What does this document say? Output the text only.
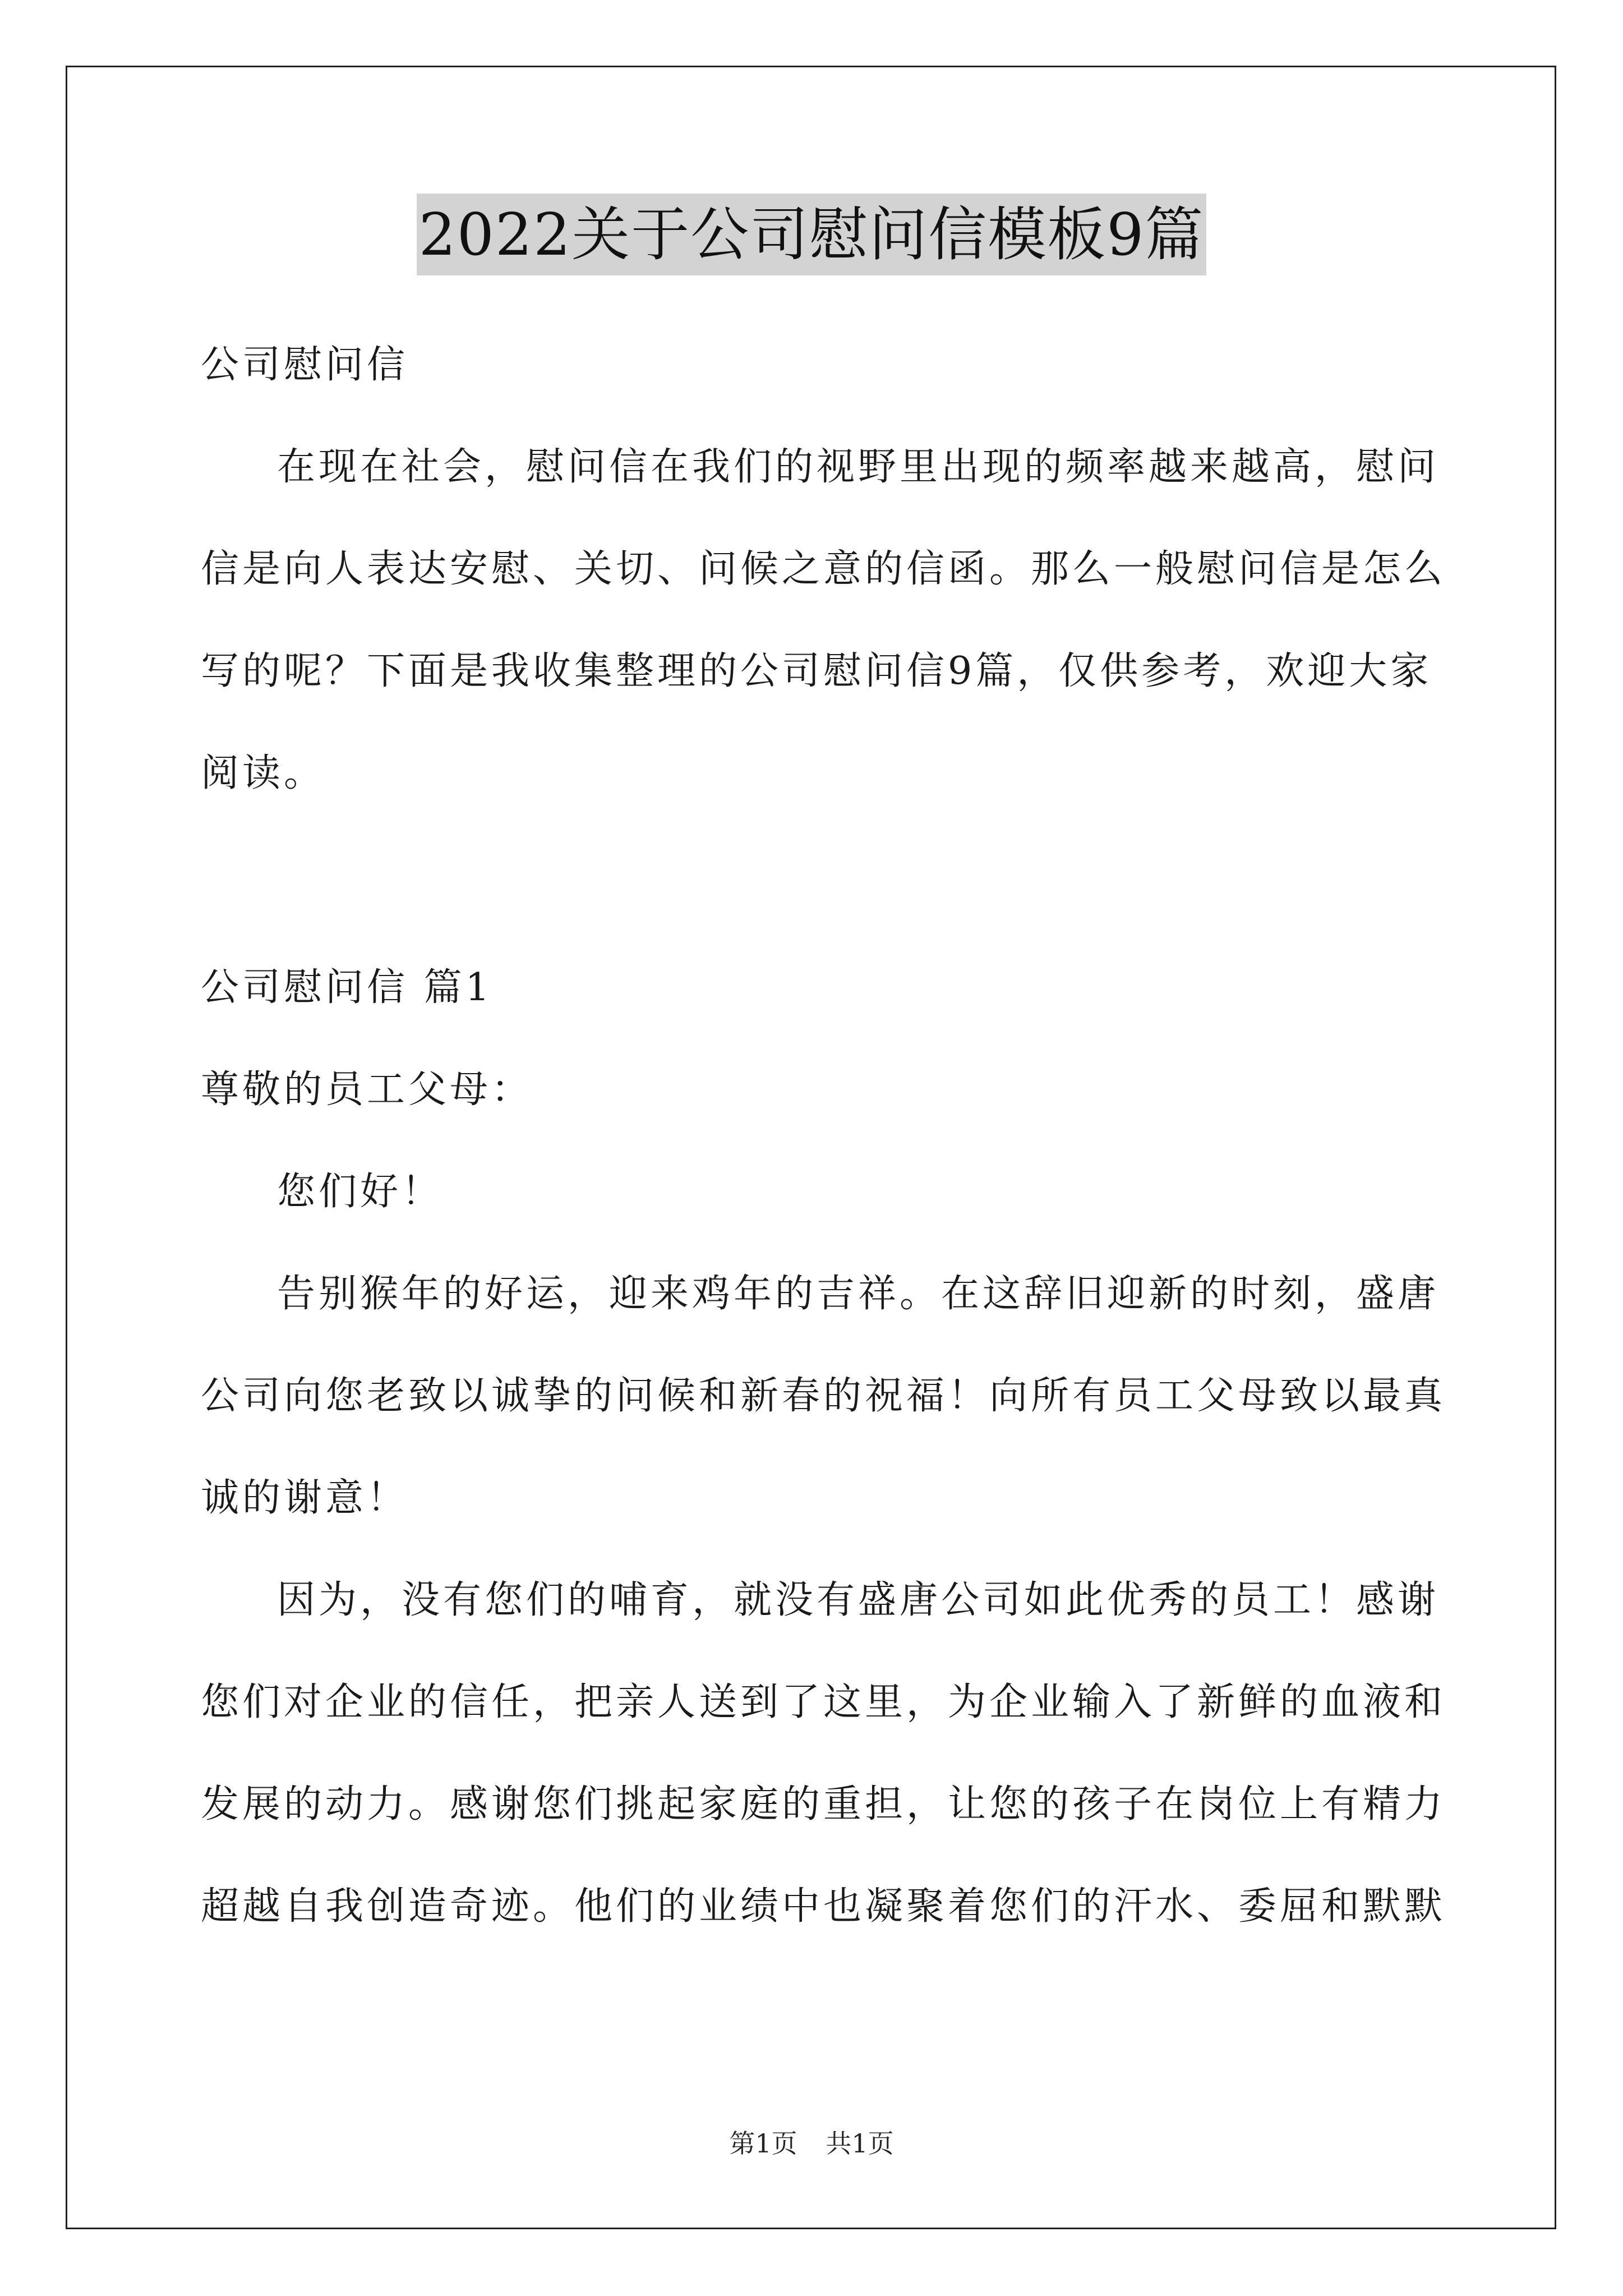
2022关于公司慰问信模板9篇
公司慰问信
在现在社会，慰问信在我们的视野里出现的频率越来越高，慰问
信是向人表达安慰、关切、问候之意的信函。那么一般慰问信是怎么
写的呢？下面是我收集整理的公司慰问信9篇，仅供参考，欢迎大家
阅读。
公司慰问信 篇1
尊敬的员工父母：
您们好！
告别猴年的好运，迎来鸡年的吉祥。在这辞旧迎新的时刻，盛唐
公司向您老致以诚挚的问候和新春的祝福！向所有员工父母致以最真
诚的谢意！
因为，没有您们的哺育，就没有盛唐公司如此优秀的员工！感谢
您们对企业的信任，把亲人送到了这里，为企业输入了新鲜的血液和
发展的动力。感谢您们挑起家庭的重担，让您的孩子在岗位上有精力
超越自我创造奇迹。他们的业绩中也凝聚着您们的汗水、委屈和默默
第1页 共1页
